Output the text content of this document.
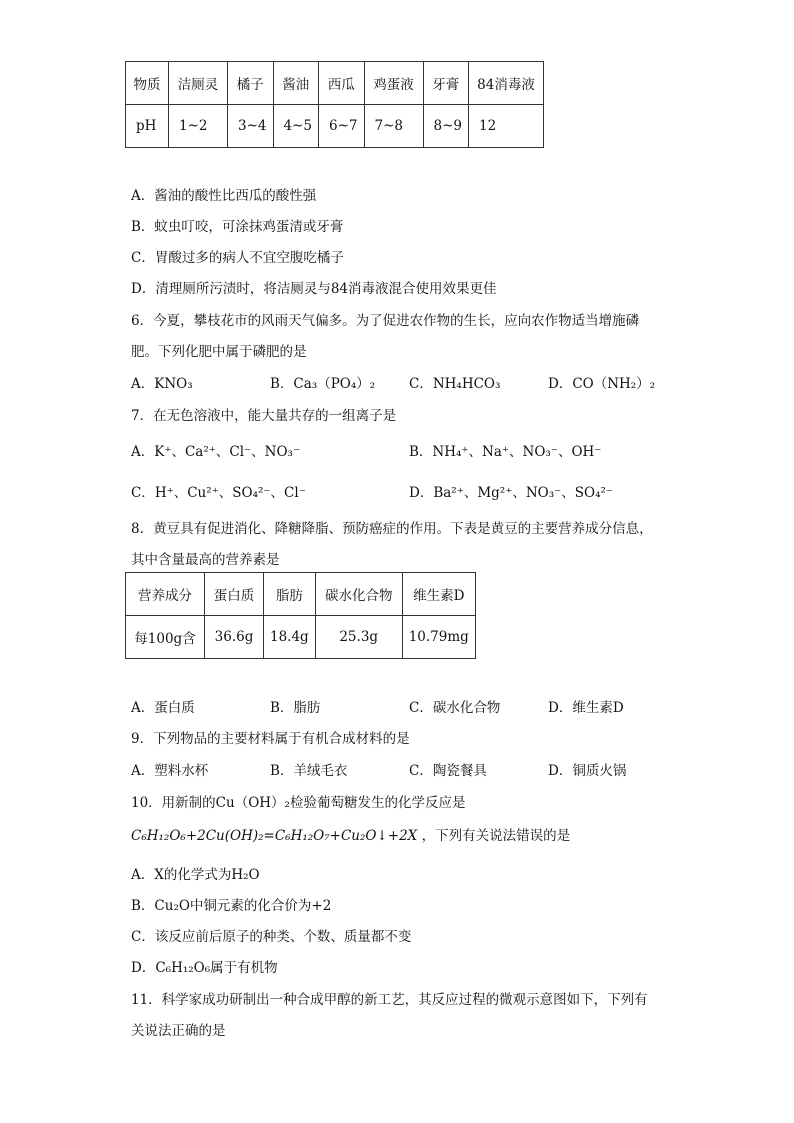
物质	洁厕灵	橘子	酱油	西瓜	鸡蛋液	牙膏	84消毒液
pH	1~2	3~4	4~5	6~7	7~8	8~9	12
A．酱油的酸性比西瓜的酸性强
B．蚊虫叮咬，可涂抹鸡蛋清或牙膏
C．胃酸过多的病人不宜空腹吃橘子
D．清理厕所污渍时，将洁厕灵与84消毒液混合使用效果更佳
6．今夏，攀枝花市的风雨天气偏多。为了促进农作物的生长，应向农作物适当增施磷
肥。下列化肥中属于磷肥的是
A．KNO₃	B．Ca₃（PO₄）₂	C．NH₄HCO₃	D．CO（NH₂）₂
7．在无色溶液中，能大量共存的一组离子是
A．K⁺、Ca²⁺、Cl⁻、NO₃⁻	B．NH₄⁺、Na⁺、NO₃⁻、OH⁻
C．H⁺、Cu²⁺、SO₄²⁻、Cl⁻	D．Ba²⁺、Mg²⁺、NO₃⁻、SO₄²⁻
8．黄豆具有促进消化、降糖降脂、预防癌症的作用。下表是黄豆的主要营养成分信息，
其中含量最高的营养素是
营养成分	蛋白质	脂肪	碳水化合物	维生素D
每100g含	36.6g	18.4g	25.3g	10.79mg
A．蛋白质	B．脂肪	C．碳水化合物	D．维生素D
9．下列物品的主要材料属于有机合成材料的是
A．塑料水杯	B．羊绒毛衣	C．陶瓷餐具	D．铜质火锅
10．用新制的Cu（OH）₂检验葡萄糖发生的化学反应是
C₆H₁₂O₆+2Cu(OH)₂=C₆H₁₂O₇+Cu₂O↓+2X ，下列有关说法错误的是
A．X的化学式为H₂O
B．Cu₂O中铜元素的化合价为+2
C．该反应前后原子的种类、个数、质量都不变
D．C₆H₁₂O₆属于有机物
11．科学家成功研制出一种合成甲醇的新工艺，其反应过程的微观示意图如下，下列有
关说法正确的是
